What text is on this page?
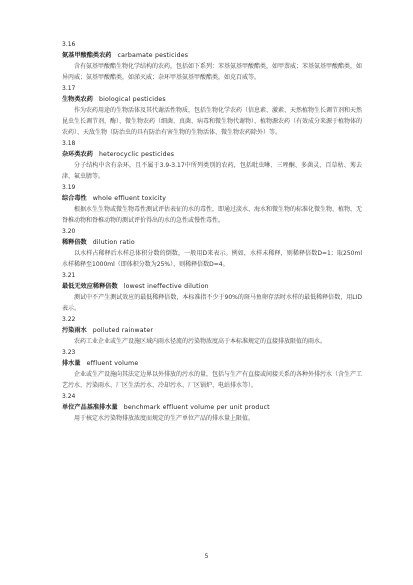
3.16

氨基甲酸酯类农药 carbamate pesticides

含有氨基甲酸酯生物化学结构的农药，包括如下系列：苯基氨基甲酸酯类，如甲萘威；苯基氨基甲酸酯类，如异丙威；氨基甲酸酯类，如涕灭威；杂环甲基氨基甲酸酯类，如克百威等。

3.17

生物类农药 biological pesticides

作为农药用途的生物活体及其代谢活性物质，包括生物化学农药（信息素、激素、天然植物生长调节剂和天然昆虫生长调节剂、酶）、微生物农药（细菌、真菌、病毒和微生物代谢物）、植物源农药（有效成分来源于植物体的农药）、天敌生物（防治虫的具有防治有害生物的生物活体、微生物农药除外）等。

3.18

杂环类农药 heterocyclic pesticides

分子结构中含有杂环，且不属于3.9-3.17中所列类别的农药，包括吡虫啉、三唑酮、多菌灵、百草枯、莠去津、氟虫腈等。

3.19

综合毒性 whole effluent toxicity

根据水生生物或微生物毒性测试评估表征的水的毒性，即通过淡水、海水和微生物的标准化微生物、植物、无脊椎动物和脊椎动物的测试评价得出的水的急性或慢性毒性。

3.20

稀释倍数 dilution ratio

以水样占稀释后水样总体积分数的倒数，一般用D来表示。例如，水样未稀释，则稀释倍数D=1；取250ml水样稀释至1000ml（即体积分数为25%），则稀释倍数D=4。

3.21

最低无效应稀释倍数 lowest ineffective dilution

测试中不产生测试效应的最低稀释倍数，本标准指不少于90%的斑马鱼卵存活时水样的最低稀释倍数，用LID表示。

3.22

污染雨水 polluted rainwater

农药工业企业或生产设施区域内雨水径流的污染物浓度高于本标准规定的直接排放限值的雨水。

3.23

排水量 effluent volume

企业或生产设施向其法定边界以外排放的污水的量，包括与生产有直接或间接关系的各种外排污水（含生产工艺污水、污染雨水、厂区生活污水、冷却污水、厂区锅炉、电站排水等）。

3.24

单位产品基准排水量 benchmark effluent volume per unit product

用于核定水污染物排放浓度而规定的生产单位产品的排水量上限值。

5
